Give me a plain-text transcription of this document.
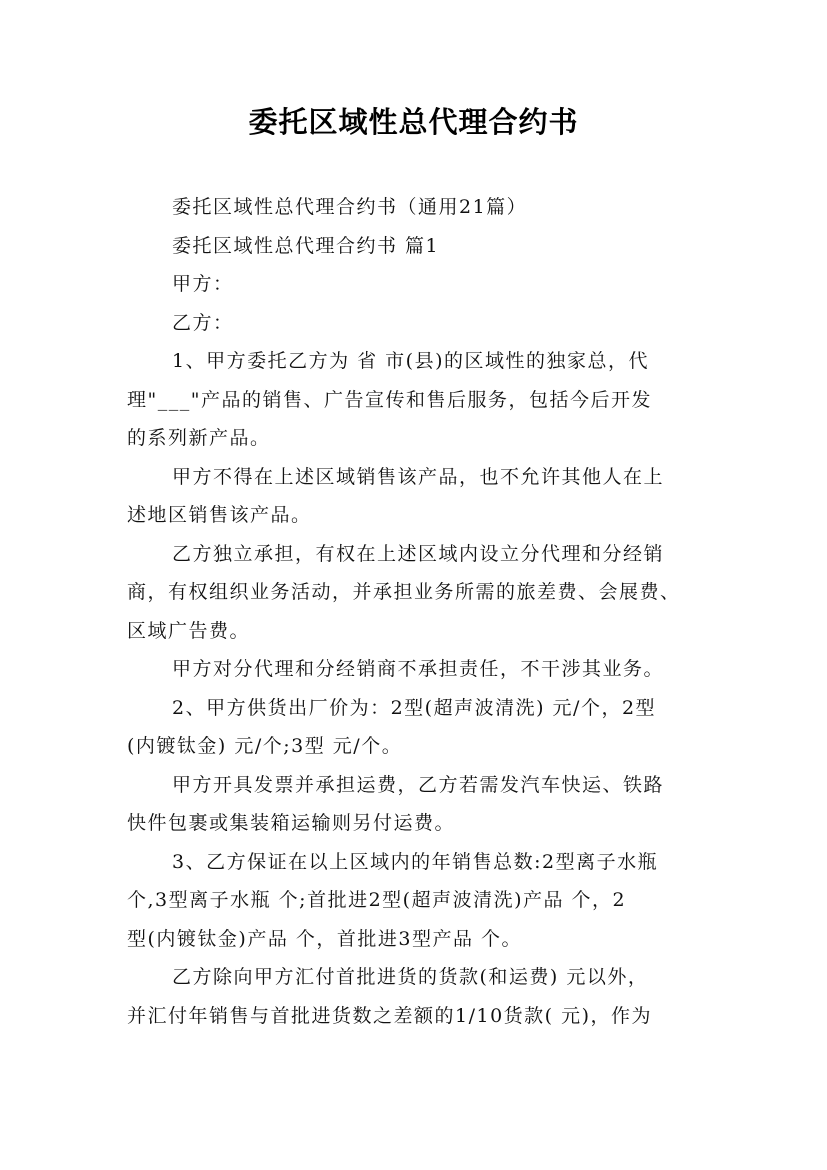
委托区域性总代理合约书
委托区域性总代理合约书（通用21篇）
委托区域性总代理合约书 篇1
甲方：
乙方：
1、甲方委托乙方为 省 市(县)的区域性的独家总，代
理"___"产品的销售、广告宣传和售后服务，包括今后开发
的系列新产品。
甲方不得在上述区域销售该产品，也不允许其他人在上
述地区销售该产品。
乙方独立承担，有权在上述区域内设立分代理和分经销
商，有权组织业务活动，并承担业务所需的旅差费、会展费、
区域广告费。
甲方对分代理和分经销商不承担责任，不干涉其业务。
2、甲方供货出厂价为：2型(超声波清洗) 元/个，2型
(内镀钛金) 元/个;3型 元/个。
甲方开具发票并承担运费，乙方若需发汽车快运、铁路
快件包裹或集装箱运输则另付运费。
3、乙方保证在以上区域内的年销售总数:2型离子水瓶
个,3型离子水瓶 个;首批进2型(超声波清洗)产品 个，2
型(内镀钛金)产品 个，首批进3型产品 个。
乙方除向甲方汇付首批进货的货款(和运费) 元以外，
并汇付年销售与首批进货数之差额的1/10货款( 元)，作为
